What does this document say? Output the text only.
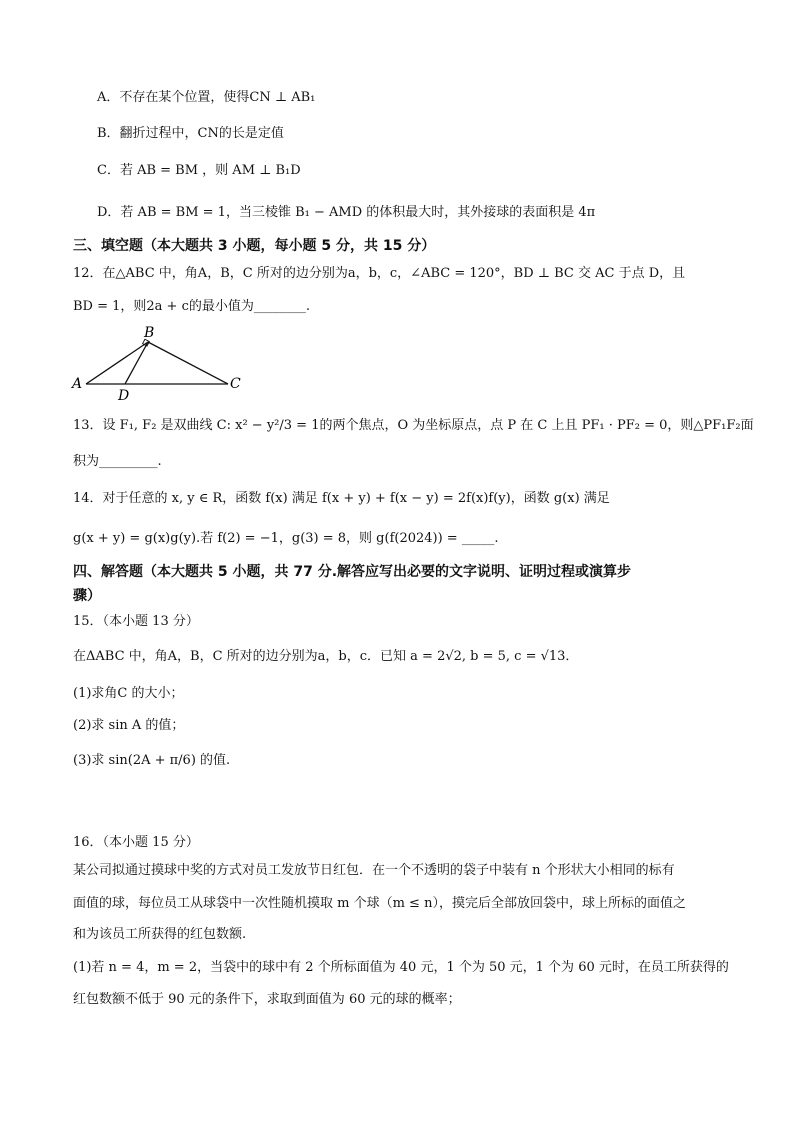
A．不存在某个位置，使得CN ⊥ AB₁
B．翻折过程中，CN的长是定值
C．若 AB = BM ，则 AM ⊥ B₁D
D．若 AB = BM = 1，当三棱锥 B₁ − AMD 的体积最大时，其外接球的表面积是 4π
三、填空题（本大题共 3 小题，每小题 5 分，共 15 分）
12．在△ABC 中，角A，B，C 所对的边分别为a，b，c，∠ABC = 120°，BD ⊥ BC 交 AC 于点 D，且
BD = 1，则2a + c的最小值为________.
B
A	C
D
13．设 F₁, F₂ 是双曲线 C: x² − y²/3 = 1的两个焦点，O 为坐标原点，点 P 在 C 上且 PF₁ · PF₂ = 0，则△PF₁F₂面
积为_________.
14．对于任意的 x, y ∈ R，函数 f(x) 满足 f(x + y) + f(x − y) = 2f(x)f(y)，函数 g(x) 满足
g(x + y) = g(x)g(y).若 f(2) = −1，g(3) = 8，则 g(f(2024)) = _____.
四、解答题（本大题共 5 小题，共 77 分.解答应写出必要的文字说明、证明过程或演算步
骤）
15．（本小题 13 分）
在ΔABC 中，角A，B，C 所对的边分别为a，b，c．已知 a = 2√2, b = 5, c = √13．
(1)求角C 的大小；
(2)求 sin A 的值；
(3)求 sin(2A + π/6) 的值.
16．（本小题 15 分）
某公司拟通过摸球中奖的方式对员工发放节日红包．在一个不透明的袋子中装有 n 个形状大小相同的标有
面值的球，每位员工从球袋中一次性随机摸取 m 个球（m ≤ n），摸完后全部放回袋中，球上所标的面值之
和为该员工所获得的红包数额.
(1)若 n = 4，m = 2，当袋中的球中有 2 个所标面值为 40 元，1 个为 50 元，1 个为 60 元时，在员工所获得的
红包数额不低于 90 元的条件下，求取到面值为 60 元的球的概率；
